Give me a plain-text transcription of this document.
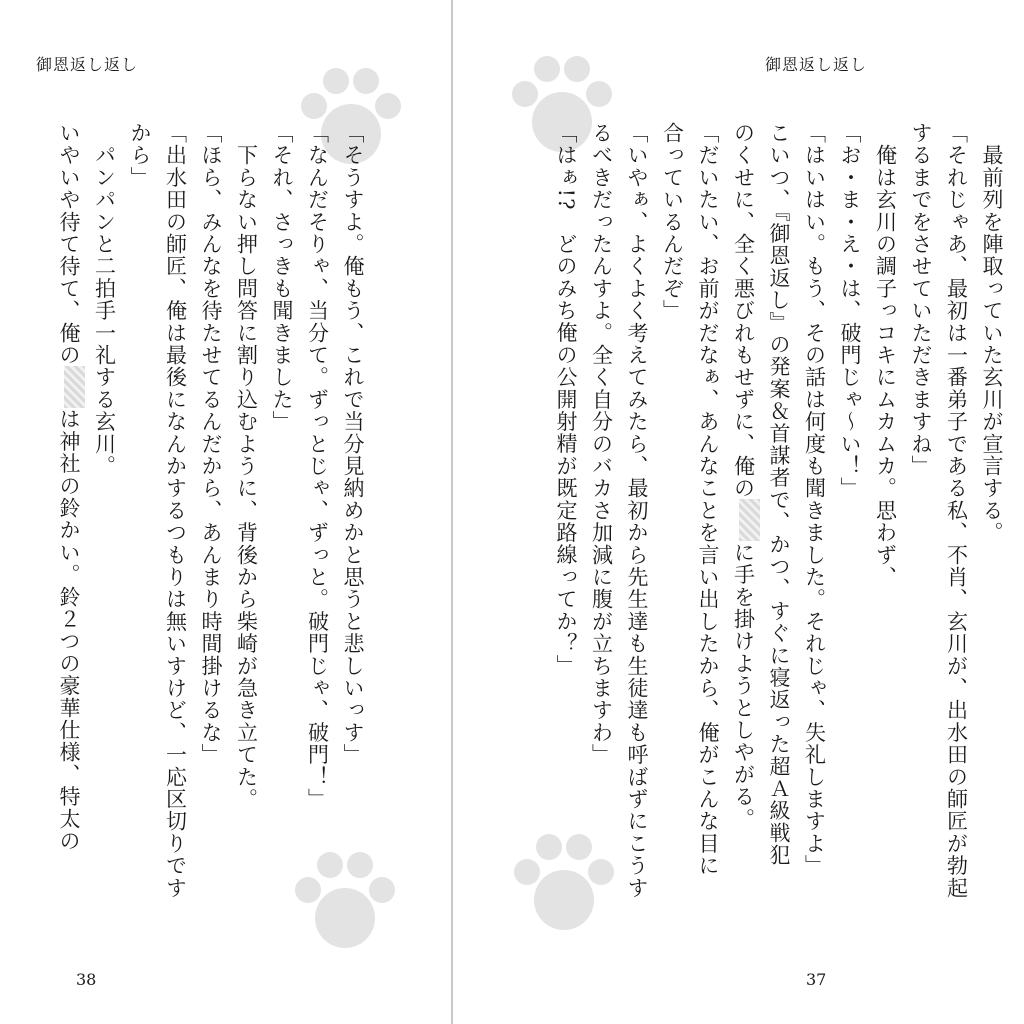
御恩返し返し
「そうすよ。俺もう、これで当分見納めかと思うと悲しいっす」
「なんだそりゃ、当分て。ずっとじゃ、ずっと。破門じゃ、破門！」
「それ、さっきも聞きました」
　下らない押し問答に割り込むように、背後から柴崎が急き立てた。
「ほら、みんなを待たせてるんだから、あんまり時間掛けるな」
「出水田の師匠、俺は最後になんかするつもりは無いすけど、一応区切りです
から」
　パンパンと二拍手一礼する玄川。
いやいや待て待て、俺のは神社の鈴かい。鈴２つの豪華仕様、特太の
38
御恩返し返し
　最前列を陣取っていた玄川が宣言する。
「それじゃあ、最初は一番弟子である私、不肖、玄川が、出水田の師匠が勃起
するまでをさせていただきますね」
　俺は玄川の調子っコキにムカムカ。思わず、
「お・ま・え・は、破門じゃ～い！」
「はいはい。もう、その話は何度も聞きました。それじゃ、失礼しますよ」
こいつ、『御恩返し』の発案＆首謀者で、かつ、すぐに寝返った超Ａ級戦犯
のくせに、全く悪びれもせずに、俺のに手を掛けようとしやがる。
「だいたい、お前がだなぁ、あんなことを言い出したから、俺がこんな目に
合っているんだぞ」
「いやぁ、よくよく考えてみたら、最初から先生達も生徒達も呼ばずにこうす
るべきだったんすよ。全く自分のバカさ加減に腹が立ちますわ」
「はぁ!?　どのみち俺の公開射精が既定路線ってか？」
37
